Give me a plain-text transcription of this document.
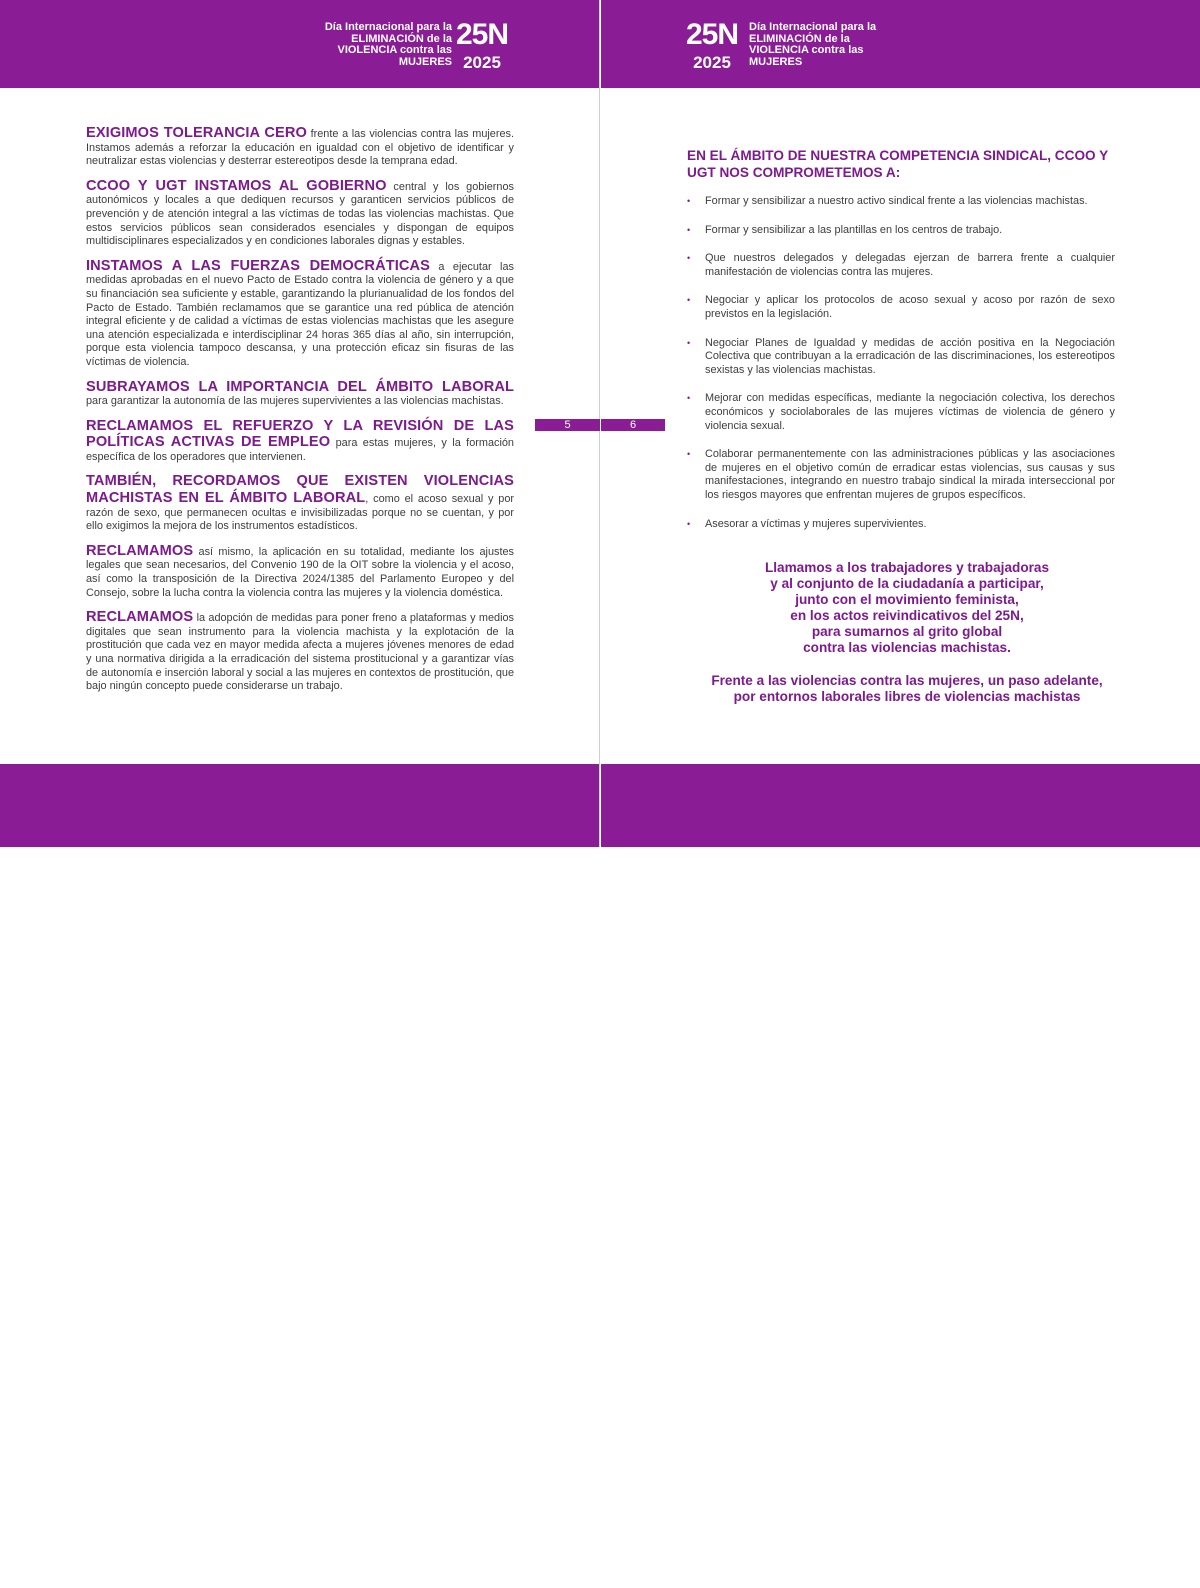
Día Internacional para la
ELIMINACIÓN de la
VIOLENCIA contra las
MUJERES
25N
2025

EXIGIMOS TOLERANCIA CERO frente a las violencias contra las mujeres. Instamos además a reforzar la educación en igualdad con el objetivo de identificar y neutralizar estas violencias y desterrar estereotipos desde la temprana edad.

CCOO Y UGT INSTAMOS AL GOBIERNO central y los gobiernos autonómicos y locales a que dediquen recursos y garanticen servicios públicos de prevención y de atención integral a las víctimas de todas las violencias machistas. Que estos servicios públicos sean considerados esenciales y dispongan de equipos multidisciplinares especializados y en condiciones laborales dignas y estables.

INSTAMOS A LAS FUERZAS DEMOCRÁTICAS a ejecutar las medidas aprobadas en el nuevo Pacto de Estado contra la violencia de género y a que su financiación sea suficiente y estable, garantizando la plurianualidad de los fondos del Pacto de Estado. También reclamamos que se garantice una red pública de atención integral eficiente y de calidad a víctimas de estas violencias machistas que les asegure una atención especializada e interdisciplinar 24 horas 365 días al año, sin interrupción, porque esta violencia tampoco descansa, y una protección eficaz sin fisuras de las víctimas de violencia.

SUBRAYAMOS LA IMPORTANCIA DEL ÁMBITO LABORAL para garantizar la autonomía de las mujeres supervivientes a las violencias machistas.

RECLAMAMOS EL REFUERZO Y LA REVISIÓN DE LAS POLÍTICAS ACTIVAS DE EMPLEO para estas mujeres, y la formación específica de los operadores que intervienen.

TAMBIÉN, RECORDAMOS QUE EXISTEN VIOLENCIAS MACHISTAS EN EL ÁMBITO LABORAL, como el acoso sexual y por razón de sexo, que permanecen ocultas e invisibilizadas porque no se cuentan, y por ello exigimos la mejora de los instrumentos estadísticos.

RECLAMAMOS así mismo, la aplicación en su totalidad, mediante los ajustes legales que sean necesarios, del Convenio 190 de la OIT sobre la violencia y el acoso, así como la transposición de la Directiva 2024/1385 del Parlamento Europeo y del Consejo, sobre la lucha contra la violencia contra las mujeres y la violencia doméstica.

RECLAMAMOS la adopción de medidas para poner freno a plataformas y medios digitales que sean instrumento para la violencia machista y la explotación de la prostitución que cada vez en mayor medida afecta a mujeres jóvenes menores de edad y una normativa dirigida a la erradicación del sistema prostitucional y a garantizar vías de autonomía e inserción laboral y social a las mujeres en contextos de prostitución, que bajo ningún concepto puede considerarse un trabajo.

5
UGT	CCOO
25N
2025
Día Internacional para la
ELIMINACIÓN de la
VIOLENCIA contra las
MUJERES
6
EN EL ÁMBITO DE NUESTRA COMPETENCIA SINDICAL, CCOO Y UGT NOS COMPROMETEMOS A:
• Formar y sensibilizar a nuestro activo sindical frente a las violencias machistas.
• Formar y sensibilizar a las plantillas en los centros de trabajo.
• Que nuestros delegados y delegadas ejerzan de barrera frente a cualquier manifestación de violencias contra las mujeres.
• Negociar y aplicar los protocolos de acoso sexual y acoso por razón de sexo previstos en la legislación.
• Negociar Planes de Igualdad y medidas de acción positiva en la Negociación Colectiva que contribuyan a la erradicación de las discriminaciones, los estereotipos sexistas y las violencias machistas.
• Mejorar con medidas específicas, mediante la negociación colectiva, los derechos económicos y sociolaborales de las mujeres víctimas de violencia de género y violencia sexual.
• Colaborar permanentemente con las administraciones públicas y las asociaciones de mujeres en el objetivo común de erradicar estas violencias, sus causas y sus manifestaciones, integrando en nuestro trabajo sindical la mirada interseccional por los riesgos mayores que enfrentan mujeres de grupos específicos.
• Asesorar a víctimas y mujeres supervivientes.
Llamamos a los trabajadores y trabajadoras
y al conjunto de la ciudadanía a participar,
junto con el movimiento feminista,
en los actos reivindicativos del 25N,
para sumarnos al grito global
contra las violencias machistas.
Frente a las violencias contra las mujeres, un paso adelante,
por entornos laborales libres de violencias machistas
UGT	CCOO
